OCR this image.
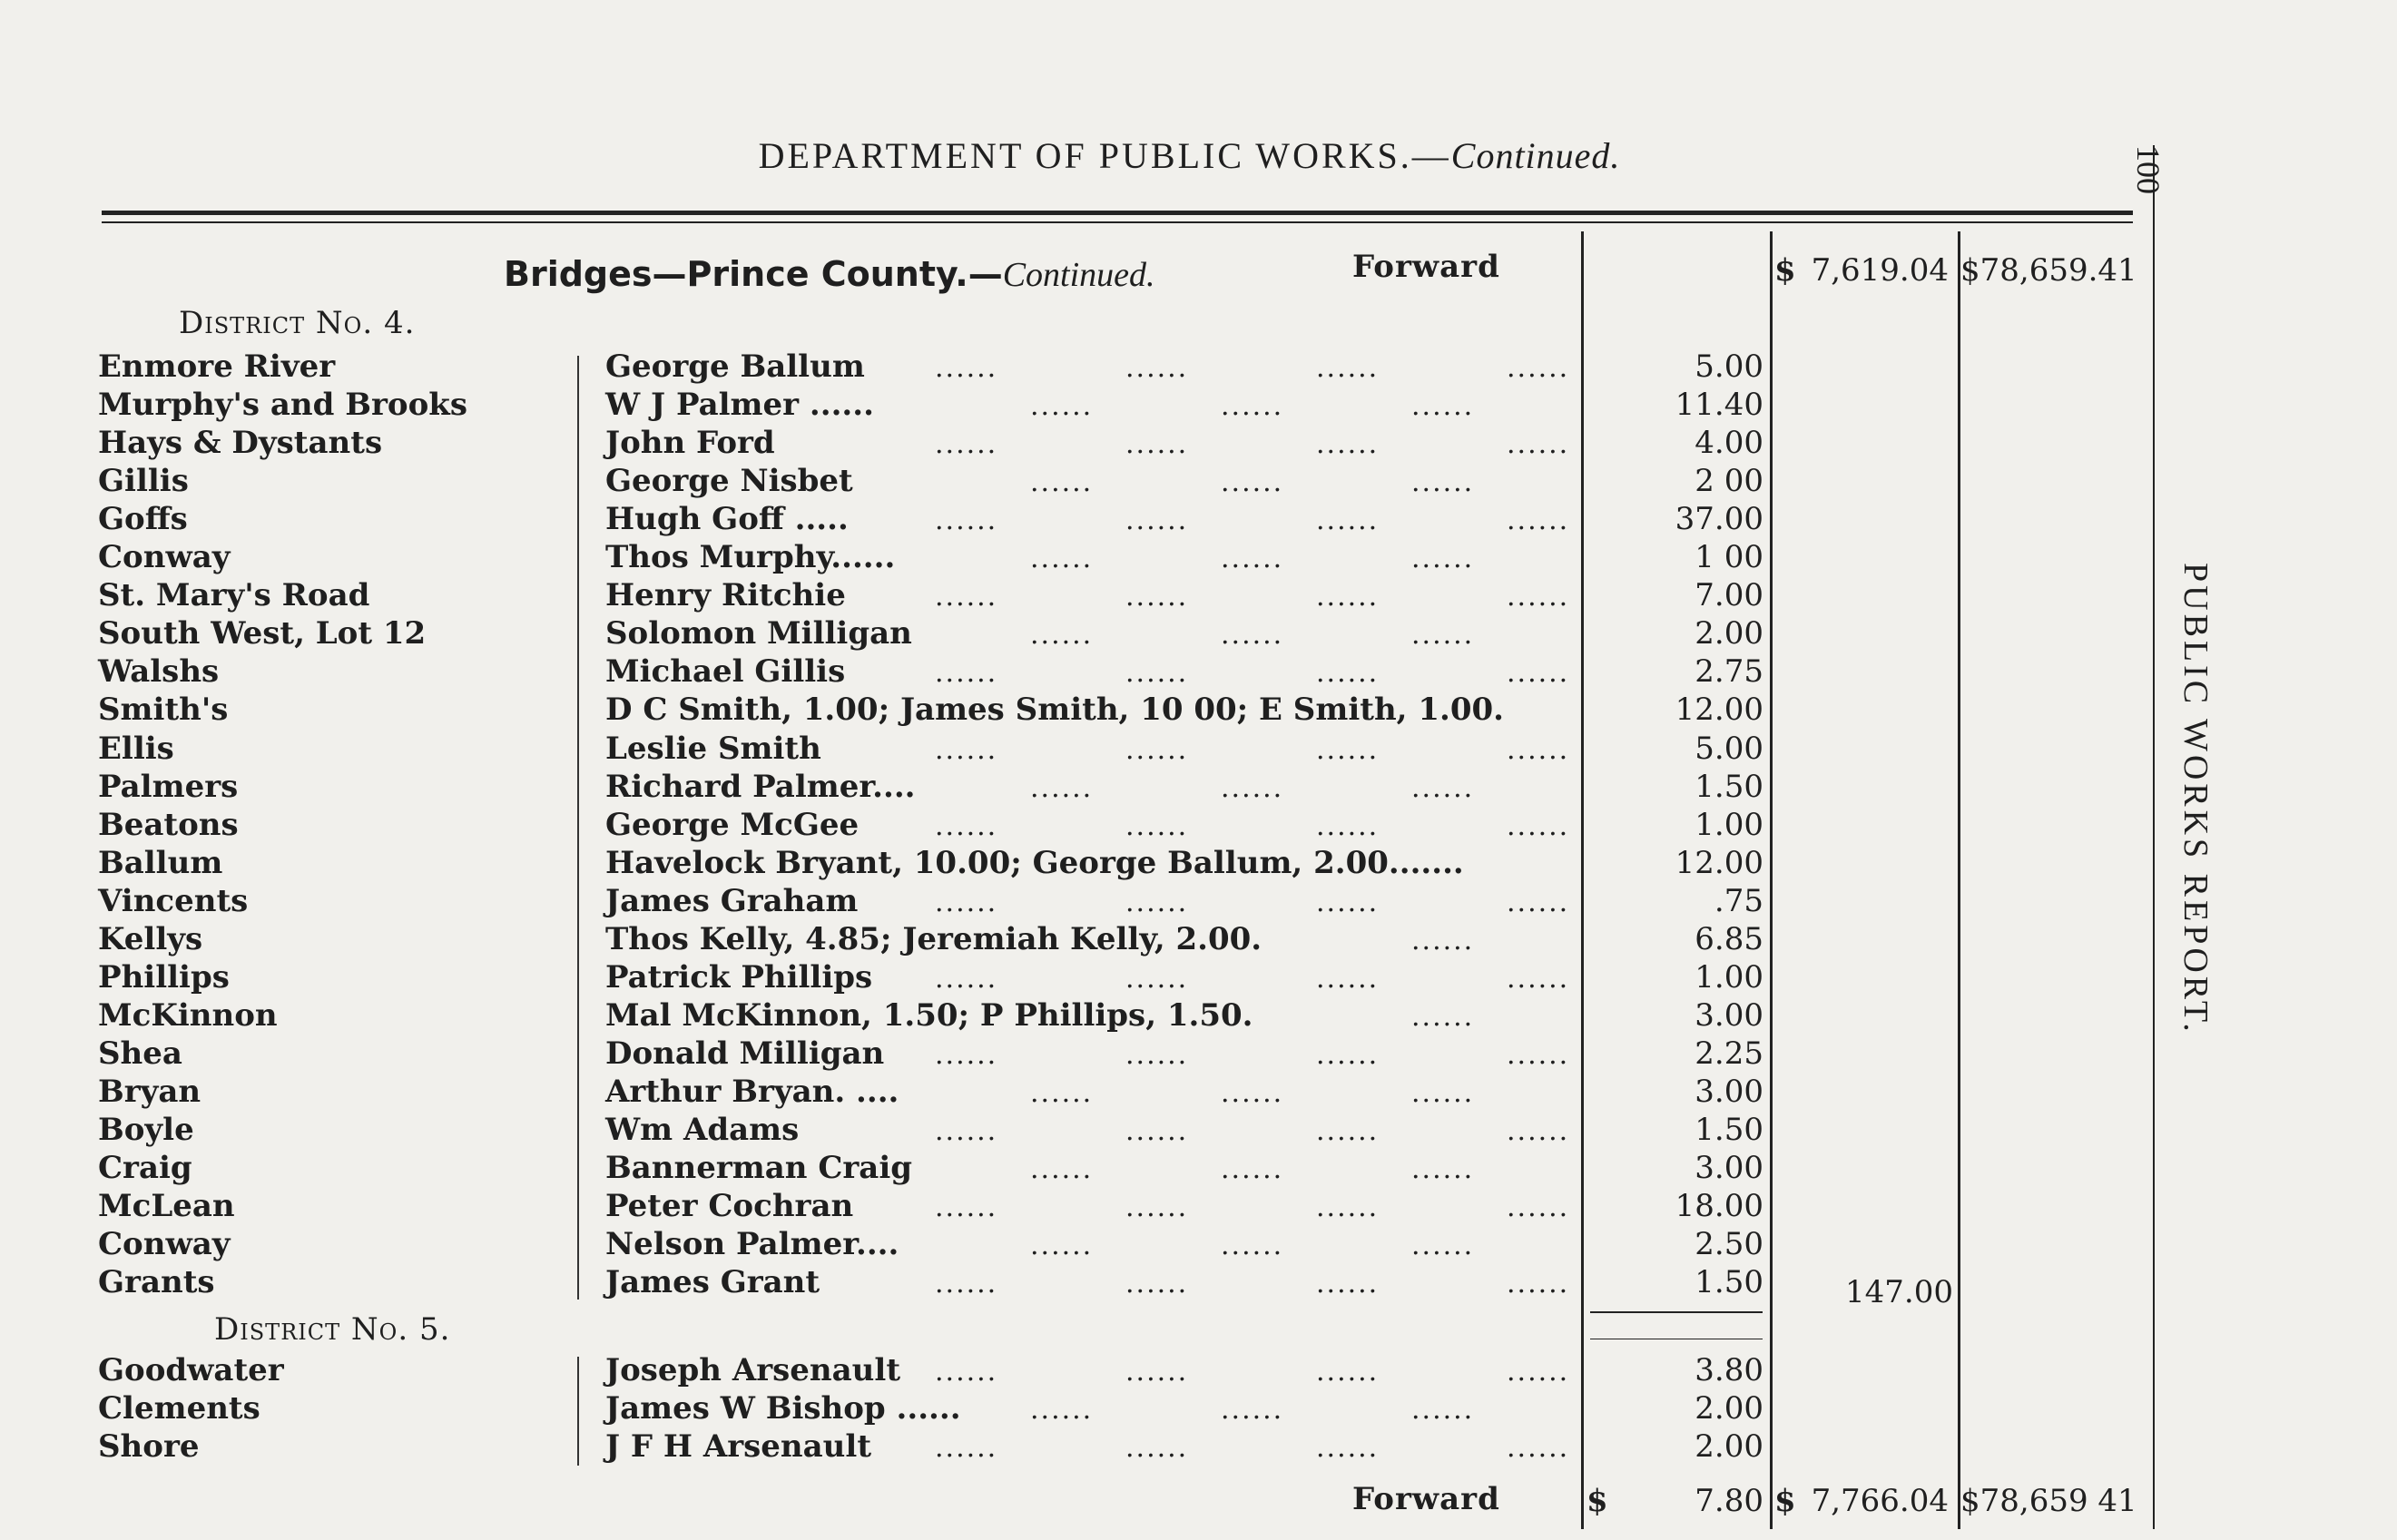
DEPARTMENT OF PUBLIC WORKS.—Continued.	100
PUBLIC WORKS REPORT.
Bridges—Prince County.—Continued.	Forward	$ 7,619.04 $78,659.41
District No. 4.
Enmore River	George Ballum	......	......	......	......	5.00
Murphy's and Brooks	W J Palmer ......	......	......	......	11.40
Hays & Dystants	John Ford	......	......	......	......	4.00
Gillis	George Nisbet	......	......	......	2 00
Goffs	Hugh Goff .....	......	......	......	......	37.00
Conway	Thos Murphy......	......	......	......	1 00
St. Mary's Road	Henry Ritchie	......	......	......	......	7.00
South West, Lot 12	Solomon Milligan	......	......	......	2.00
Walshs	Michael Gillis	......	......	......	......	2.75
Smith's	D C Smith, 1.00; James Smith, 10 00; E Smith, 1.00.	12.00
Ellis	Leslie Smith	......	......	......	......	5.00
Palmers	Richard Palmer....	......	......	......	1.50
Beatons	George McGee	......	......	......	......	1.00
Ballum	Havelock Bryant, 10.00; George Ballum, 2.00.......	12.00
Vincents	James Graham	......	......	......	......	.75
Kellys	Thos Kelly, 4.85; Jeremiah Kelly, 2.00.	......	6.85
Phillips	Patrick Phillips ......	......	......	......	1.00
McKinnon	Mal McKinnon, 1.50; P Phillips, 1.50.	......	3.00
Shea	Donald Milligan ......	......	......	......	2.25
Bryan	Arthur Bryan. ....	......	......	......	3.00
Boyle	Wm Adams	......	......	......	......	1.50
Craig	Bannerman Craig	......	......	......	3.00
McLean	Peter Cochran	......	......	......	......	18.00
Conway	Nelson Palmer....	......	......	......	2.50
Grants	James Grant	......	......	......	......	1.50	147.00
District No. 5.
Goodwater	Joseph Arsenault ......	......	......	......	3.80
Clements	James W Bishop ......	......	......	......	2.00
Shore	J F H Arsenault ......	......	......	......	2.00
Forward	$	7.80 $ 7,766.04 $78,659 41
